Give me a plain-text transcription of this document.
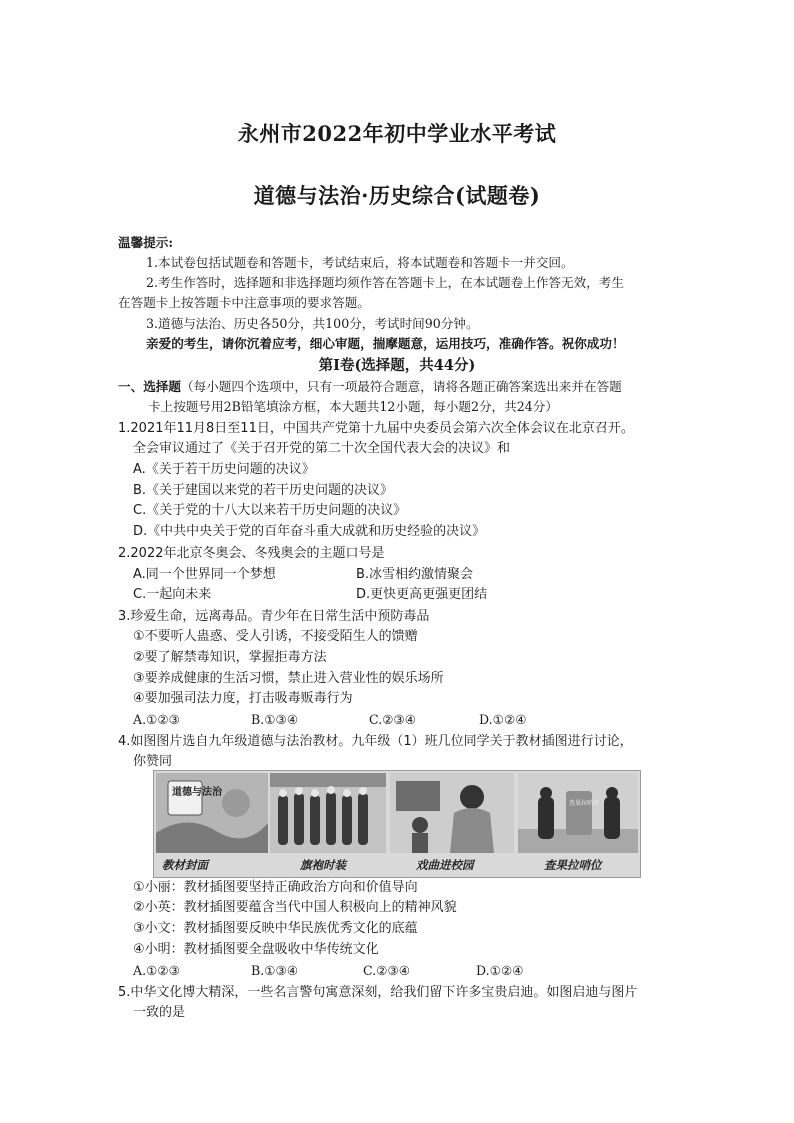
永州市2022年初中学业水平考试
道德与法治·历史综合(试题卷)
温馨提示:
1.本试卷包括试题卷和答题卡，考试结束后，将本试题卷和答题卡一并交回。
2.考生作答时，选择题和非选择题均须作答在答题卡上，在本试题卷上作答无效，考生
在答题卡上按答题卡中注意事项的要求答题。
3.道德与法治、历史各50分，共100分，考试时间90分钟。
亲爱的考生，请你沉着应考，细心审题，揣摩题意，运用技巧，准确作答。祝你成功！
第Ⅰ卷(选择题，共44分)
一、选择题（每小题四个选项中，只有一项最符合题意，请将各题正确答案选出来并在答题
卡上按题号用2B铅笔填涂方框，本大题共12小题，每小题2分，共24分）
1.2021年11月8日至11日，中国共产党第十九届中央委员会第六次全体会议在北京召开。
全会审议通过了《关于召开党的第二十次全国代表大会的决议》和
A.《关于若干历史问题的决议》
B.《关于建国以来党的若干历史问题的决议》
C.《关于党的十八大以来若干历史问题的决议》
D.《中共中央关于党的百年奋斗重大成就和历史经验的决议》
2.2022年北京冬奥会、冬残奥会的主题口号是
A.同一个世界同一个梦想	B.冰雪相约激情聚会
C.一起向未来	D.更快更高更强更团结
3.珍爱生命，远离毒品。青少年在日常生活中预防毒品
①不要听人蛊惑、受人引诱，不接受陌生人的馈赠
②要了解禁毒知识，掌握拒毒方法
③要养成健康的生活习惯，禁止进入营业性的娱乐场所
④要加强司法力度，打击吸毒贩毒行为
A.①②③	B.①③④	C.②③④	D.①②④
4.如图图片选自九年级道德与法治教材。九年级（1）班几位同学关于教材插图进行讨论，
你赞同
道德与法治
查果拉哨位
教材封面	旗袍时装	戏曲进校园	查果拉哨位
①小丽：教材插图要坚持正确政治方向和价值导向
②小英：教材插图要蕴含当代中国人积极向上的精神风貌
③小文：教材插图要反映中华民族优秀文化的底蕴
④小明：教材插图要全盘吸收中华传统文化
A.①②③	B.①③④	C.②③④	D.①②④
5.中华文化博大精深，一些名言警句寓意深刻，给我们留下许多宝贵启迪。如图启迪与图片
一致的是
